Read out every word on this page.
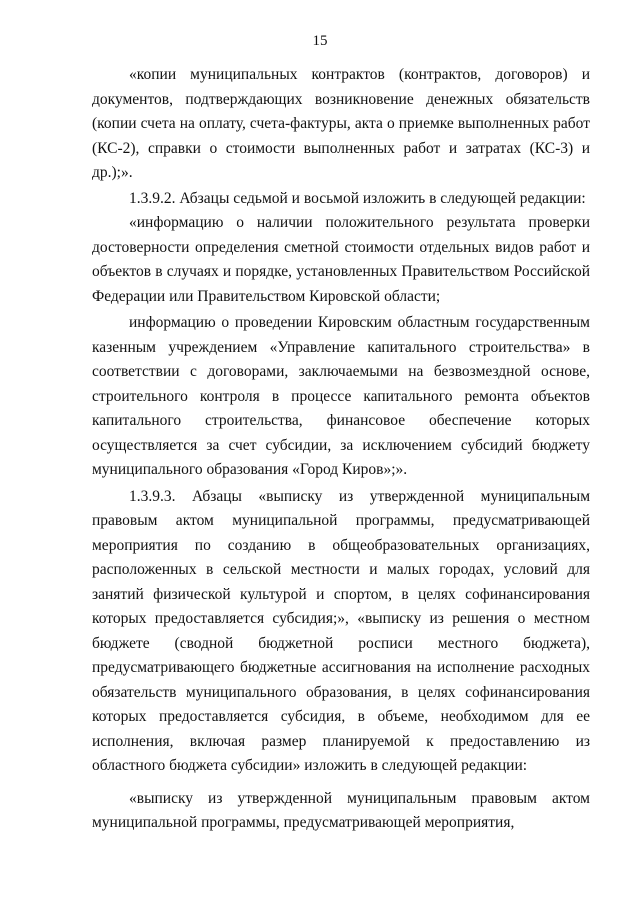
15

«копии муниципальных контрактов (контрактов, договоров) и документов, подтверждающих возникновение денежных обязательств (копии счета на оплату, счета-фактуры, акта о приемке выполненных работ (КС-2), справки о стоимости выполненных работ и затратах (КС-3) и др.);».

1.3.9.2. Абзацы седьмой и восьмой изложить в следующей редакции:

«информацию о наличии положительного результата проверки достоверности определения сметной стоимости отдельных видов работ и объектов в случаях и порядке, установленных Правительством Российской Федерации или Правительством Кировской области;

информацию о проведении Кировским областным государственным казенным учреждением «Управление капитального строительства» в соответствии с договорами, заключаемыми на безвозмездной основе, строительного контроля в процессе капитального ремонта объектов капитального строительства, финансовое обеспечение которых осуществляется за счет субсидии, за исключением субсидий бюджету муниципального образования «Город Киров»;».

1.3.9.3. Абзацы «выписку из утвержденной муниципальным правовым актом муниципальной программы, предусматривающей мероприятия по созданию в общеобразовательных организациях, расположенных в сельской местности и малых городах, условий для занятий физической культурой и спортом, в целях софинансирования которых предоставляется субсидия;», «выписку из решения о местном бюджете (сводной бюджетной росписи местного бюджета), предусматривающего бюджетные ассигнования на исполнение расходных обязательств муниципального образования, в целях софинансирования которых предоставляется субсидия, в объеме, необходимом для ее исполнения, включая размер планируемой к предоставлению из областного бюджета субсидии» изложить в следующей редакции:

«выписку из утвержденной муниципальным правовым актом муниципальной программы, предусматривающей мероприятия,
